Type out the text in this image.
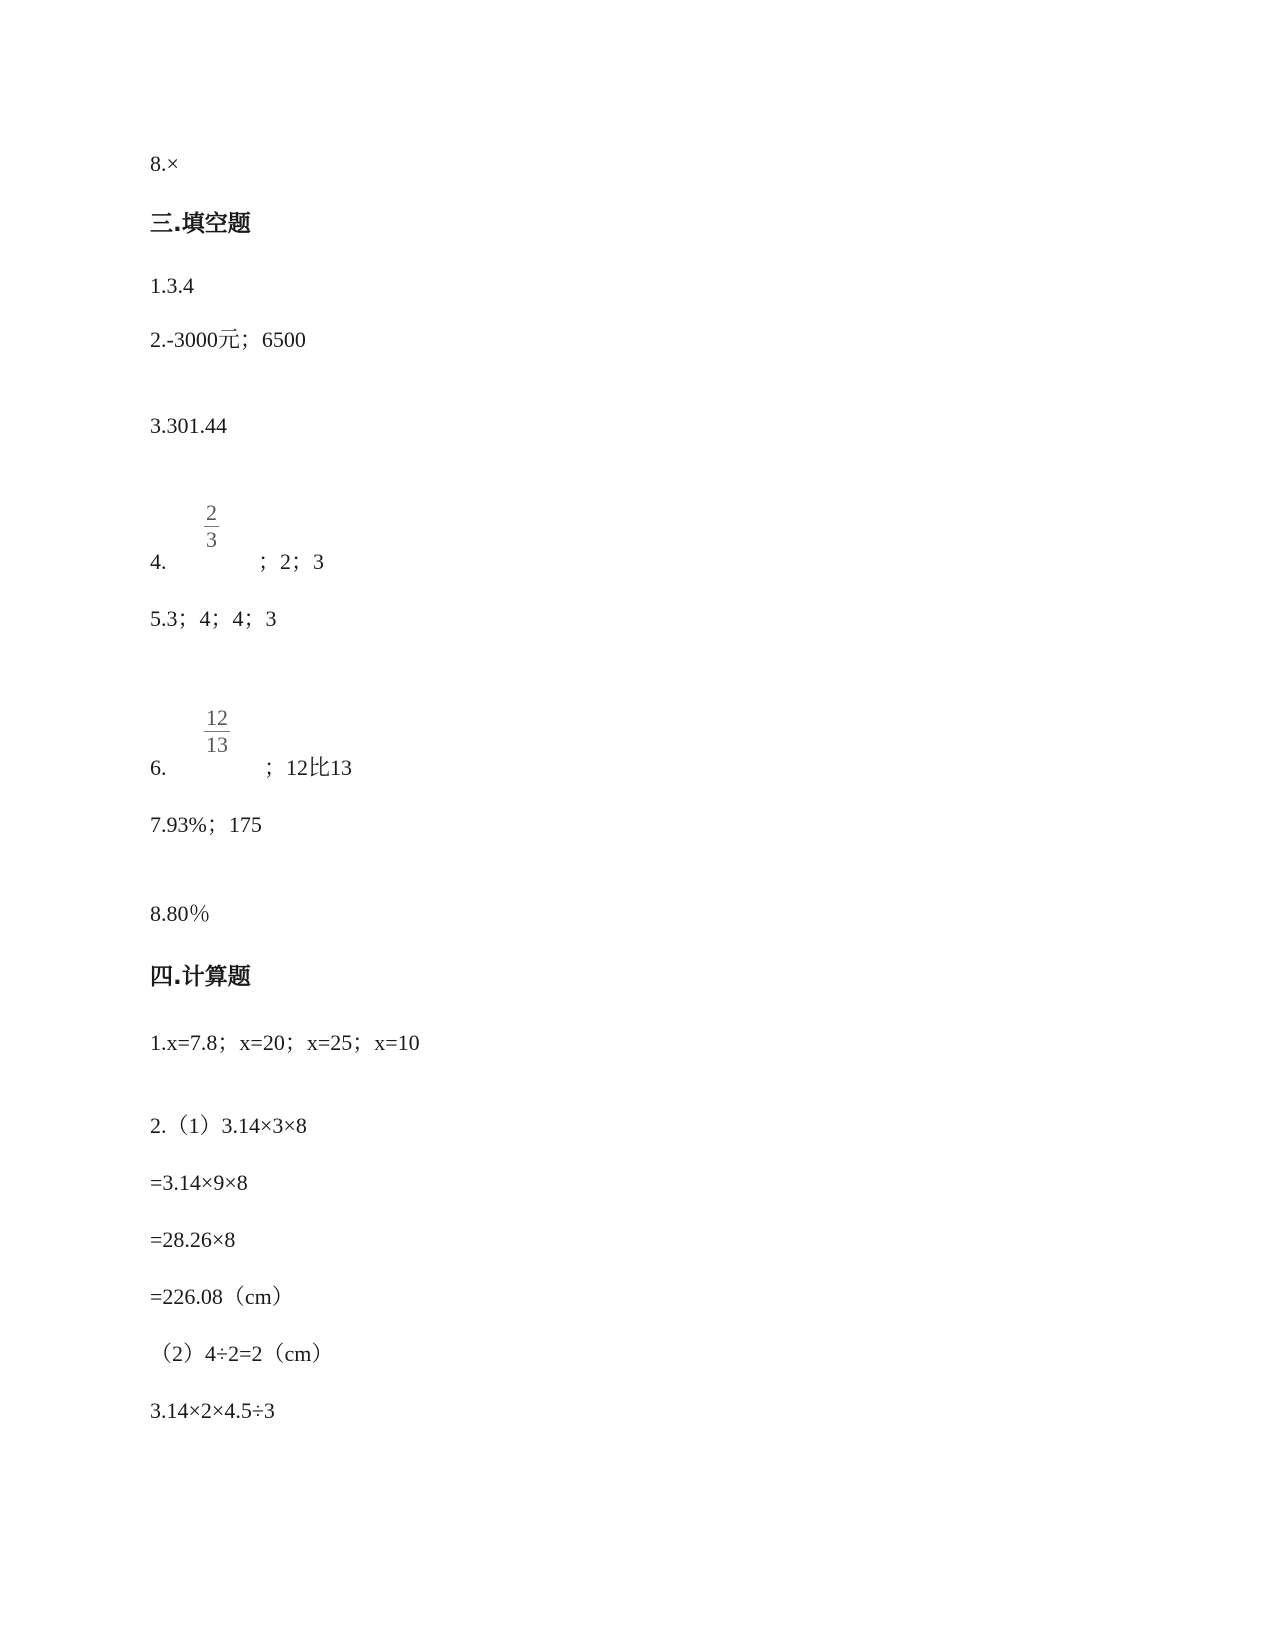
8.×
三.填空题
1.3.4
2.-3000元；6500
3.301.44
4.
2
3
；2；3
5.3；4；4；3
6.
12
13
；12比13
7.93%；175
8.80％
四.计算题
1.x=7.8；x=20；x=25；x=10
2.（1）3.14×3×8
=3.14×9×8
=28.26×8
=226.08（cm）
（2）4÷2=2（cm）
3.14×2×4.5÷3
